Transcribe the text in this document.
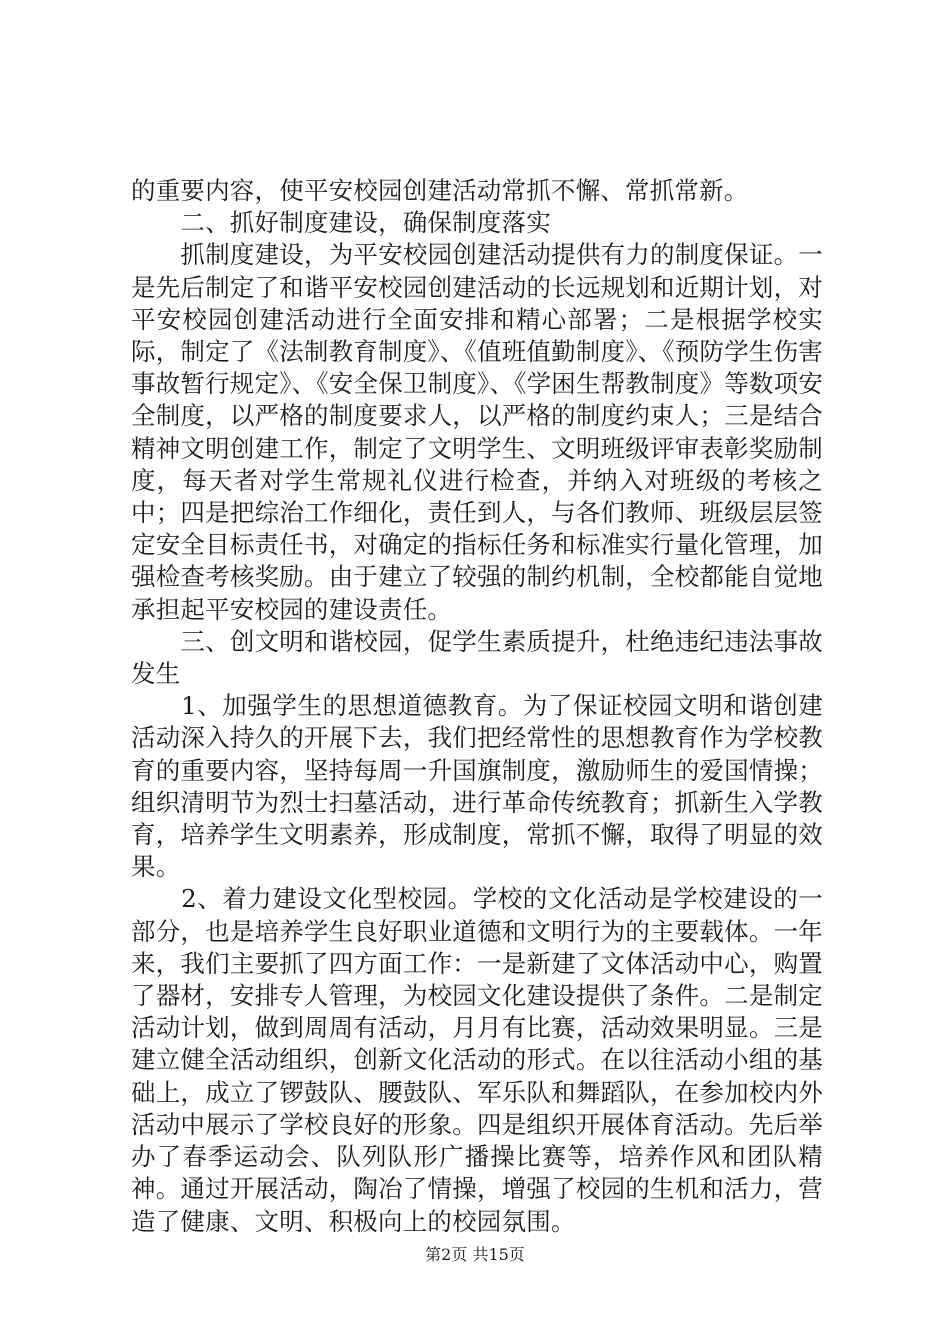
的重要内容，使平安校园创建活动常抓不懈、常抓常新。

　　二、抓好制度建设，确保制度落实

　　抓制度建设，为平安校园创建活动提供有力的制度保证。一是先后制定了和谐平安校园创建活动的长远规划和近期计划，对平安校园创建活动进行全面安排和精心部署；二是根据学校实际，制定了《法制教育制度》、《值班值勤制度》、《预防学生伤害事故暂行规定》、《安全保卫制度》、《学困生帮教制度》等数项安全制度，以严格的制度要求人，以严格的制度约束人；三是结合精神文明创建工作，制定了文明学生、文明班级评审表彰奖励制度，每天者对学生常规礼仪进行检查，并纳入对班级的考核之中；四是把综治工作细化，责任到人，与各们教师、班级层层签定安全目标责任书，对确定的指标任务和标准实行量化管理，加强检查考核奖励。由于建立了较强的制约机制，全校都能自觉地承担起平安校园的建设责任。

　　三、创文明和谐校园，促学生素质提升，杜绝违纪违法事故发生

　　1、加强学生的思想道德教育。为了保证校园文明和谐创建活动深入持久的开展下去，我们把经常性的思想教育作为学校教育的重要内容，坚持每周一升国旗制度，激励师生的爱国情操；组织清明节为烈士扫墓活动，进行革命传统教育；抓新生入学教育，培养学生文明素养，形成制度，常抓不懈，取得了明显的效果。

　　2、着力建设文化型校园。学校的文化活动是学校建设的一部分，也是培养学生良好职业道德和文明行为的主要载体。一年来，我们主要抓了四方面工作：一是新建了文体活动中心，购置了器材，安排专人管理，为校园文化建设提供了条件。二是制定活动计划，做到周周有活动，月月有比赛，活动效果明显。三是建立健全活动组织，创新文化活动的形式。在以往活动小组的基础上，成立了锣鼓队、腰鼓队、军乐队和舞蹈队，在参加校内外活动中展示了学校良好的形象。四是组织开展体育活动。先后举办了春季运动会、队列队形广播操比赛等，培养作风和团队精神。通过开展活动，陶冶了情操，增强了校园的生机和活力，营造了健康、文明、积极向上的校园氛围。

第2页 共15页
